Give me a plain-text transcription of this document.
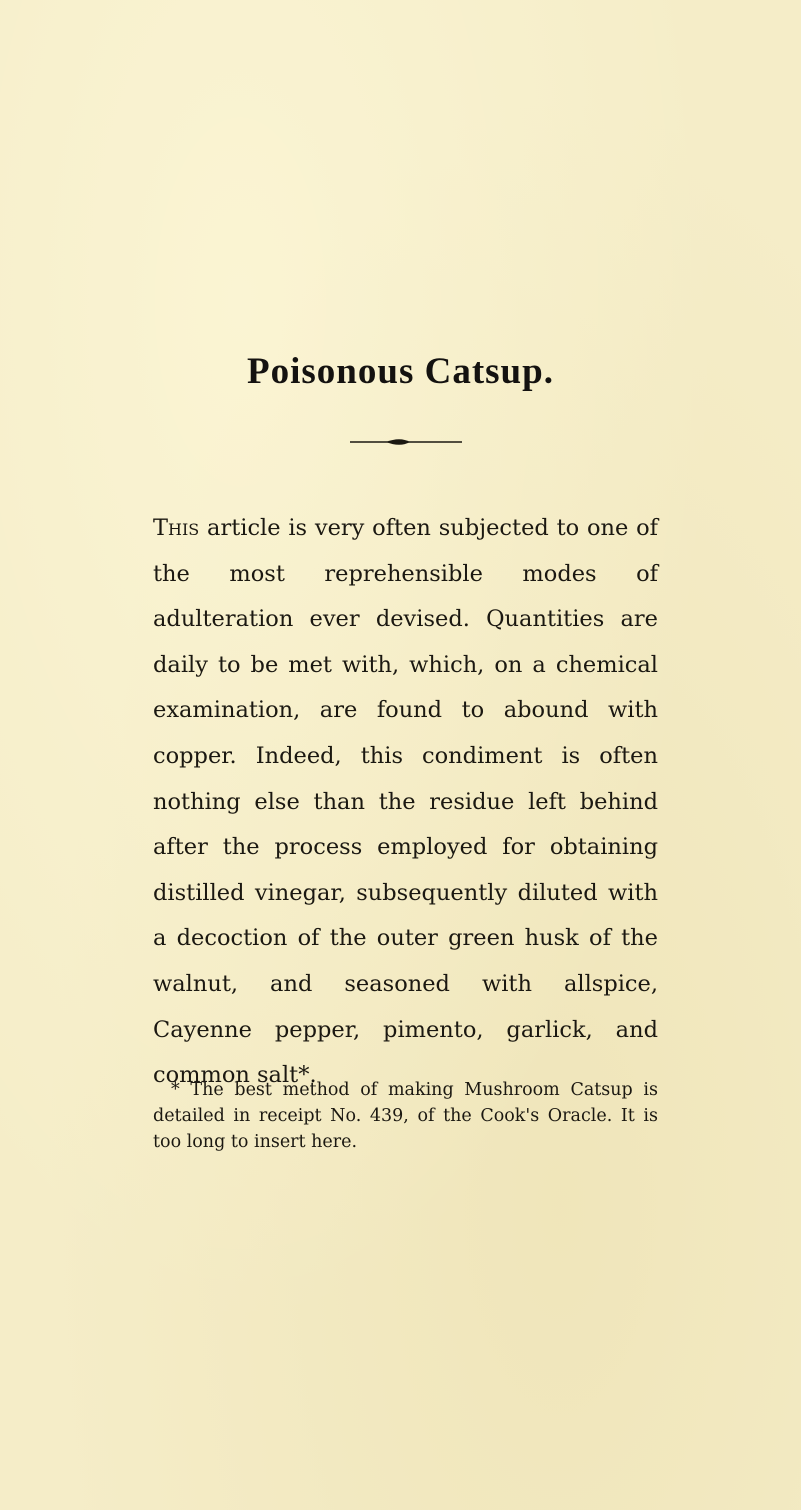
Poisonous Catsup.

This article is very often subjected to one of the most reprehensible modes of adulteration ever devised. Quantities are daily to be met with, which, on a chemical examination, are found to abound with copper. Indeed, this condiment is often nothing else than the residue left behind after the process employed for obtaining distilled vinegar, subsequently diluted with a decoction of the outer green husk of the walnut, and seasoned with allspice, Cayenne pepper, pimento, garlick, and common salt*.

* The best method of making Mushroom Catsup is detailed in receipt No. 439, of the Cook's Oracle. It is too long to insert here.
